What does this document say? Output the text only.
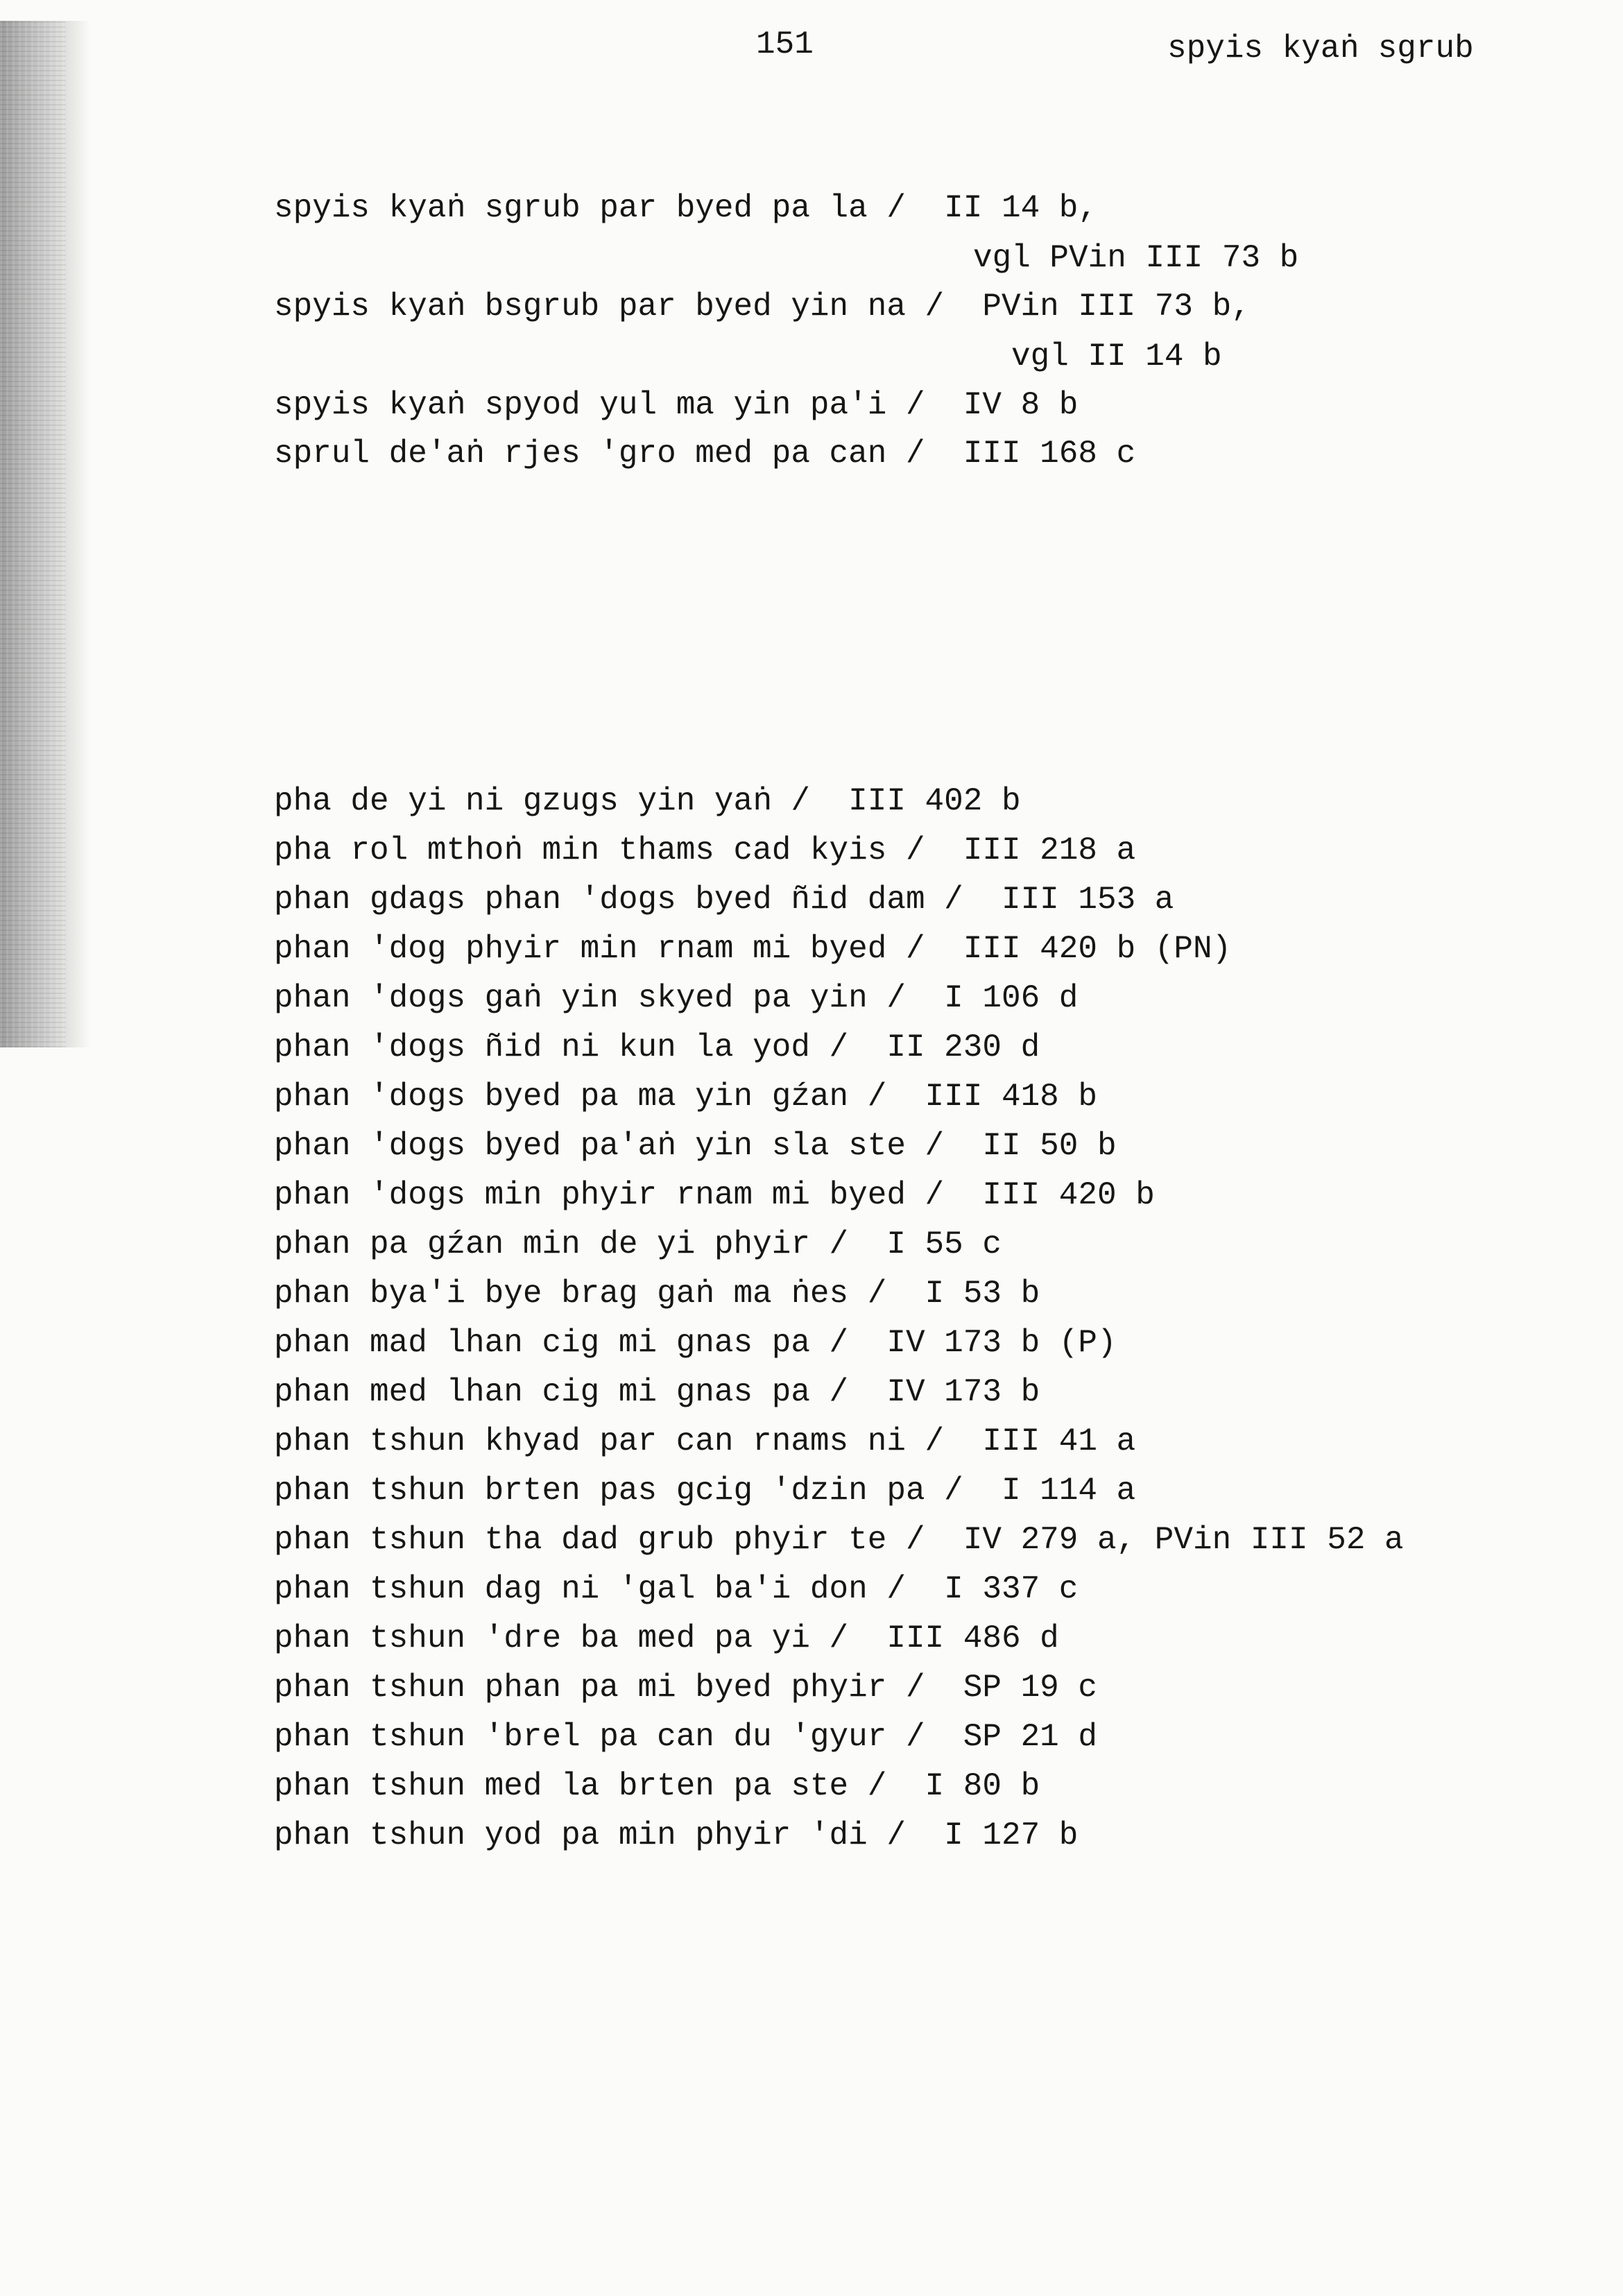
151	spyis kyaṅ sgrub
spyis kyaṅ sgrub par byed pa la /  II 14 b,
vgl PVin III 73 b
spyis kyaṅ bsgrub par byed yin na /  PVin III 73 b,
vgl II 14 b
spyis kyaṅ spyod yul ma yin pa'i /  IV 8 b
sprul de'aṅ rjes 'gro med pa can /  III 168 c
pha de yi ni gzugs yin yaṅ /  III 402 b
pha rol mthoṅ min thams cad kyis /  III 218 a
phan gdags phan 'dogs byed ñid dam /  III 153 a
phan 'dog phyir min rnam mi byed /  III 420 b (PN)
phan 'dogs gaṅ yin skyed pa yin /  I 106 d
phan 'dogs ñid ni kun la yod /  II 230 d
phan 'dogs byed pa ma yin gźan /  III 418 b
phan 'dogs byed pa'aṅ yin sla ste /  II 50 b
phan 'dogs min phyir rnam mi byed /  III 420 b
phan pa gźan min de yi phyir /  I 55 c
phan bya'i bye brag gaṅ ma ṅes /  I 53 b
phan mad lhan cig mi gnas pa /  IV 173 b (P)
phan med lhan cig mi gnas pa /  IV 173 b
phan tshun khyad par can rnams ni /  III 41 a
phan tshun brten pas gcig 'dzin pa /  I 114 a
phan tshun tha dad grub phyir te /  IV 279 a, PVin III 52 a
phan tshun dag ni 'gal ba'i don /  I 337 c
phan tshun 'dre ba med pa yi /  III 486 d
phan tshun phan pa mi byed phyir /  SP 19 c
phan tshun 'brel pa can du 'gyur /  SP 21 d
phan tshun med la brten pa ste /  I 80 b
phan tshun yod pa min phyir 'di /  I 127 b
